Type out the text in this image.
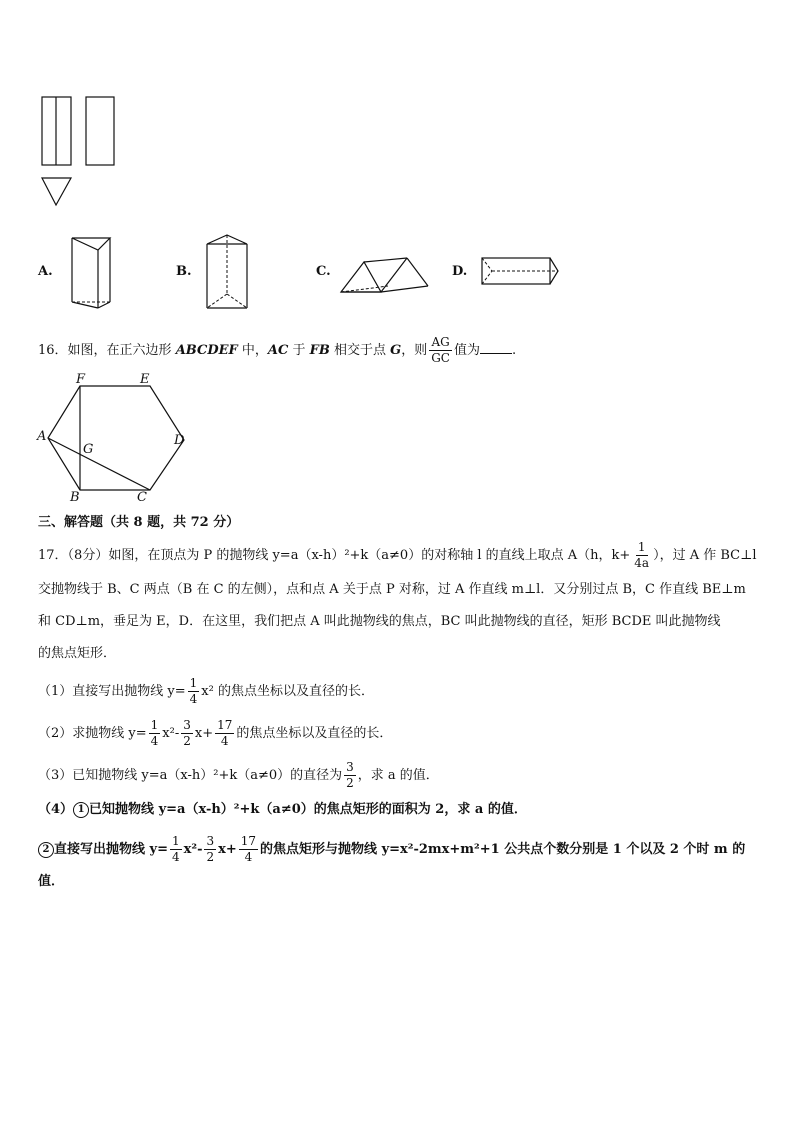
A.	B.	C.	D.
16．如图，在正六边形 ABCDEF 中，AC 于 FB 相交于点 G，则 $\frac{AG}{GC}$ 值为 .
F	E
A
G
D
B	C
三、解答题（共 8 题，共 72 分）
17．（8分）如图，在顶点为 P 的抛物线 y=a（x-h）²+k（a≠0）的对称轴 l 的直线上取点 A（h，$k+ \frac{1}{4a}$ ），过 A 作 BC⊥l
交抛物线于 B、C 两点（B 在 C 的左侧），点和点 A 关于点 P 对称，过 A 作直线 m⊥l．又分别过点 B，C 作直线 BE⊥m
和 CD⊥m，垂足为 E，D．在这里，我们把点 A 叫此抛物线的焦点，BC 叫此抛物线的直径，矩形 BCDE 叫此抛物线
的焦点矩形．
（1）直接写出抛物线 $y= \frac{1}{4} x^2$ 的焦点坐标以及直径的长．
（2）求抛物线 $y= \frac{1}{4} x^2- \frac{3}{2} x+ \frac{17}{4}$ 的焦点坐标以及直径的长．
（3）已知抛物线 y=a（x-h）²+k（a≠0）的直径为 $\frac{3}{2}$ ，求 a 的值．
（4） 1 已知抛物线 y=a（x-h）²+k（a≠0）的焦点矩形的面积为 2，求 a 的值．
2 直接写出抛物线 $y= \frac{1}{4} x^2- \frac{3}{2} x+ \frac{17}{4}$ 的焦点矩形与抛物线 y=x²-2mx+m²+1 公共点个数分别是 1 个以及 2 个时 m 的
值．
